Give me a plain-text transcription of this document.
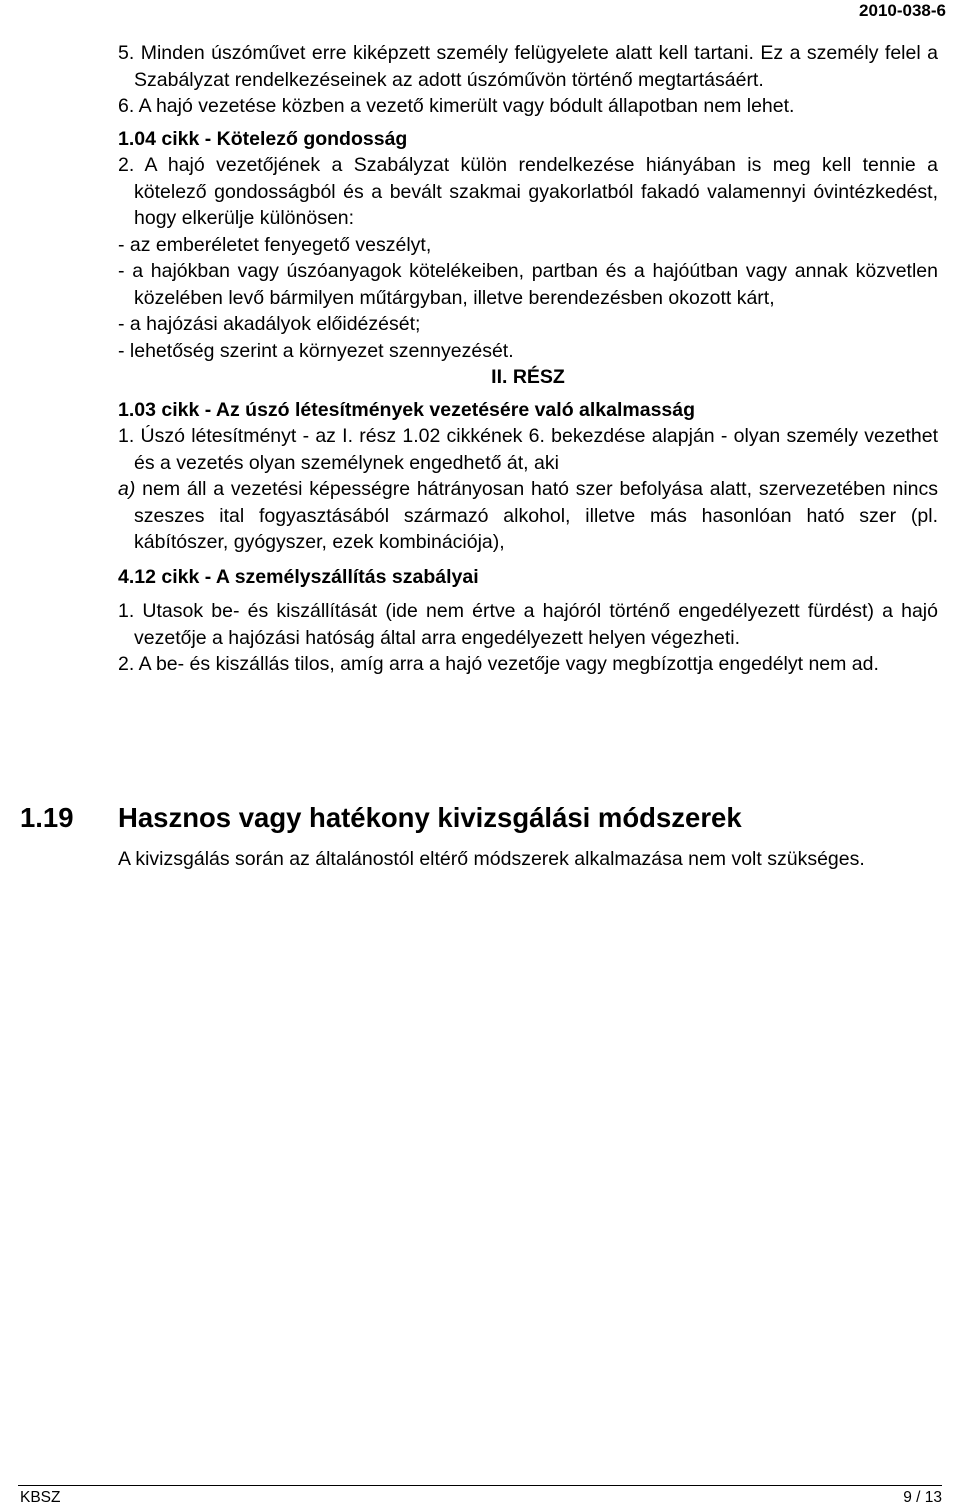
2010-038-6

5. Minden úszóművet erre kiképzett személy felügyelete alatt kell tartani. Ez a személy felel a Szabályzat rendelkezéseinek az adott úszóművön történő megtartásáért.

6. A hajó vezetése közben a vezető kimerült vagy bódult állapotban nem lehet.

1.04 cikk - Kötelező gondosság

2. A hajó vezetőjének a Szabályzat külön rendelkezése hiányában is meg kell tennie a kötelező gondosságból és a bevált szakmai gyakorlatból fakadó valamennyi óvintézkedést, hogy elkerülje különösen:

- az emberéletet fenyegető veszélyt,

- a hajókban vagy úszóanyagok kötelékeiben, partban és a hajóútban vagy annak közvetlen közelében levő bármilyen műtárgyban, illetve berendezésben okozott kárt,

- a hajózási akadályok előidézését;

- lehetőség szerint a környezet szennyezését.

II. RÉSZ

1.03 cikk - Az úszó létesítmények vezetésére való alkalmasság

1. Úszó létesítményt - az I. rész 1.02 cikkének 6. bekezdése alapján - olyan személy vezethet és a vezetés olyan személynek engedhető át, aki

a) nem áll a vezetési képességre hátrányosan ható szer befolyása alatt, szervezetében nincs szeszes ital fogyasztásából származó alkohol, illetve más hasonlóan ható szer (pl. kábítószer, gyógyszer, ezek kombinációja),

4.12 cikk - A személyszállítás szabályai

1. Utasok be- és kiszállítását (ide nem értve a hajóról történő engedélyezett fürdést) a hajó vezetője a hajózási hatóság által arra engedélyezett helyen végezheti.

2. A be- és kiszállás tilos, amíg arra a hajó vezetője vagy megbízottja engedélyt nem ad.

1.19	Hasznos vagy hatékony kivizsgálási módszerek

A kivizsgálás során az általánostól eltérő módszerek alkalmazása nem volt szükséges.

KBSZ	9 / 13
